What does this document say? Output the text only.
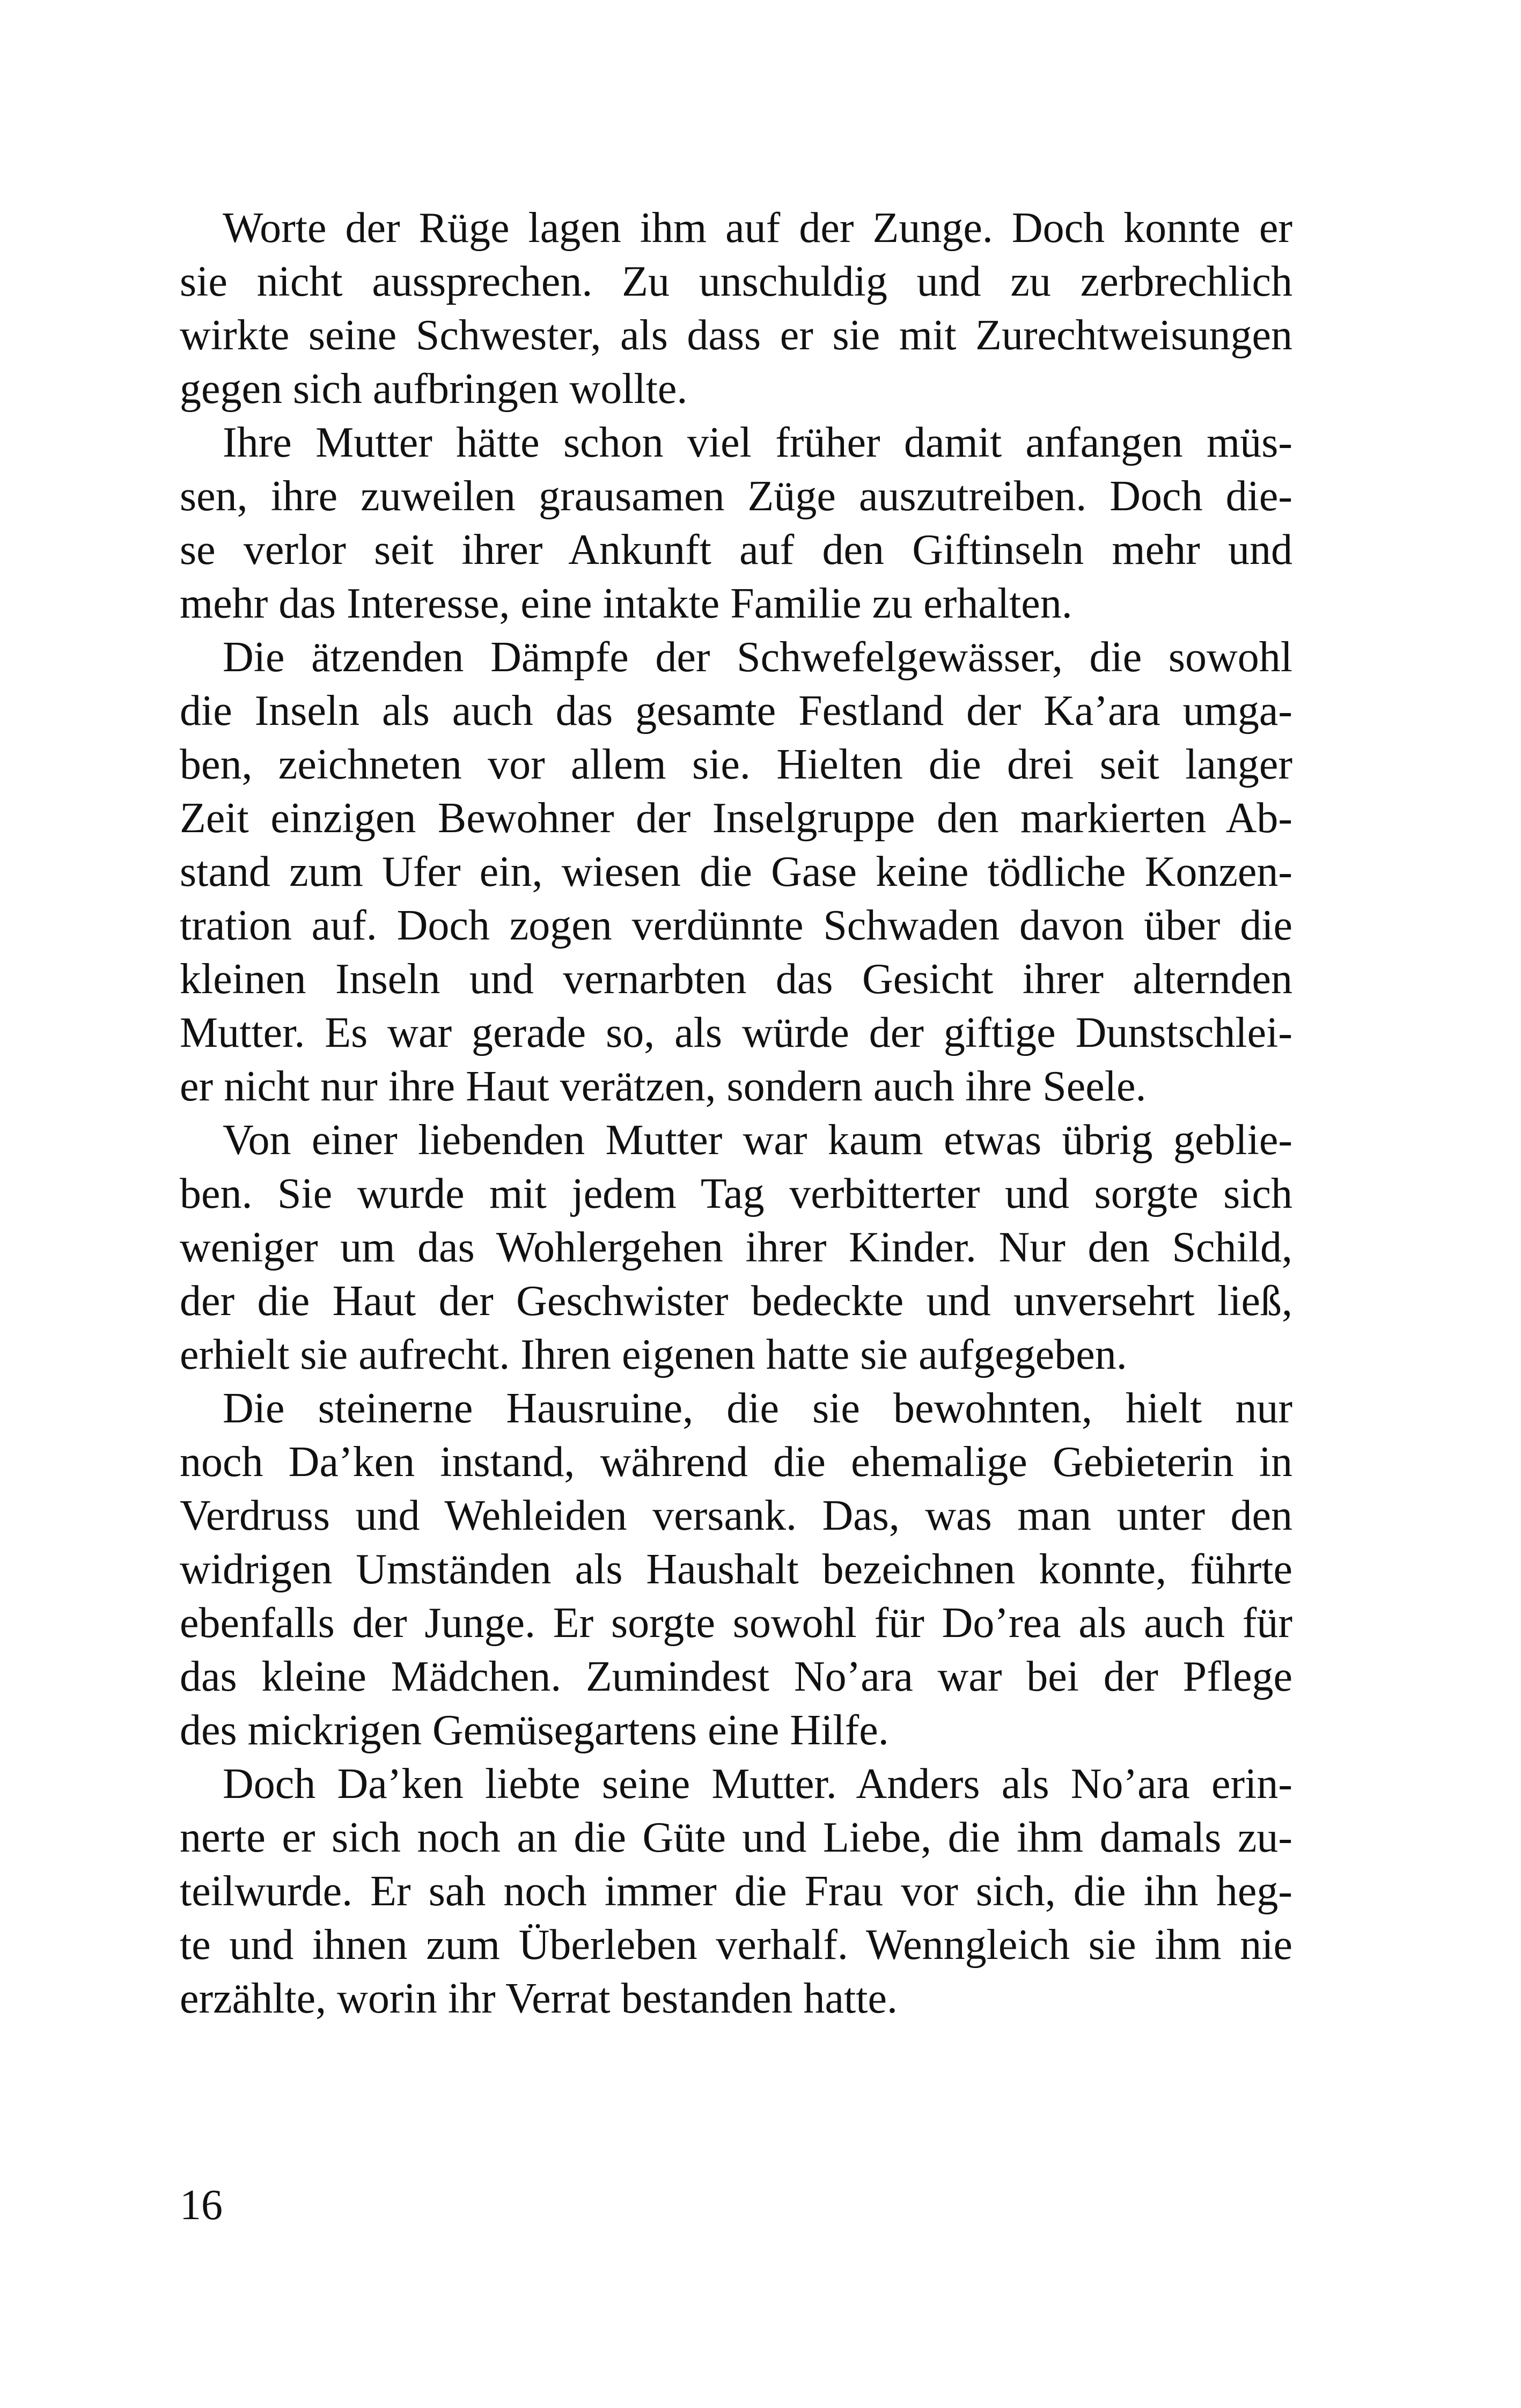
Worte der Rüge lagen ihm auf der Zunge. Doch konnte er
sie nicht aussprechen. Zu unschuldig und zu zerbrechlich
wirkte seine Schwester, als dass er sie mit Zurechtweisungen
gegen sich aufbringen wollte.
Ihre Mutter hätte schon viel früher damit anfangen müs-
sen, ihre zuweilen grausamen Züge auszutreiben. Doch die-
se verlor seit ihrer Ankunft auf den Giftinseln mehr und
mehr das Interesse, eine intakte Familie zu erhalten.
Die ätzenden Dämpfe der Schwefelgewässer, die sowohl
die Inseln als auch das gesamte Festland der Ka’ara umga-
ben, zeichneten vor allem sie. Hielten die drei seit langer
Zeit einzigen Bewohner der Inselgruppe den markierten Ab-
stand zum Ufer ein, wiesen die Gase keine tödliche Konzen-
tration auf. Doch zogen verdünnte Schwaden davon über die
kleinen Inseln und vernarbten das Gesicht ihrer alternden
Mutter. Es war gerade so, als würde der giftige Dunstschlei-
er nicht nur ihre Haut verätzen, sondern auch ihre Seele.
Von einer liebenden Mutter war kaum etwas übrig geblie-
ben. Sie wurde mit jedem Tag verbitterter und sorgte sich
weniger um das Wohlergehen ihrer Kinder. Nur den Schild,
der die Haut der Geschwister bedeckte und unversehrt ließ,
erhielt sie aufrecht. Ihren eigenen hatte sie aufgegeben.
Die steinerne Hausruine, die sie bewohnten, hielt nur
noch Da’ken instand, während die ehemalige Gebieterin in
Verdruss und Wehleiden versank. Das, was man unter den
widrigen Umständen als Haushalt bezeichnen konnte, führte
ebenfalls der Junge. Er sorgte sowohl für Do’rea als auch für
das kleine Mädchen. Zumindest No’ara war bei der Pflege
des mickrigen Gemüsegartens eine Hilfe.
Doch Da’ken liebte seine Mutter. Anders als No’ara erin-
nerte er sich noch an die Güte und Liebe, die ihm damals zu-
teilwurde. Er sah noch immer die Frau vor sich, die ihn heg-
te und ihnen zum Überleben verhalf. Wenngleich sie ihm nie
erzählte, worin ihr Verrat bestanden hatte.
16
